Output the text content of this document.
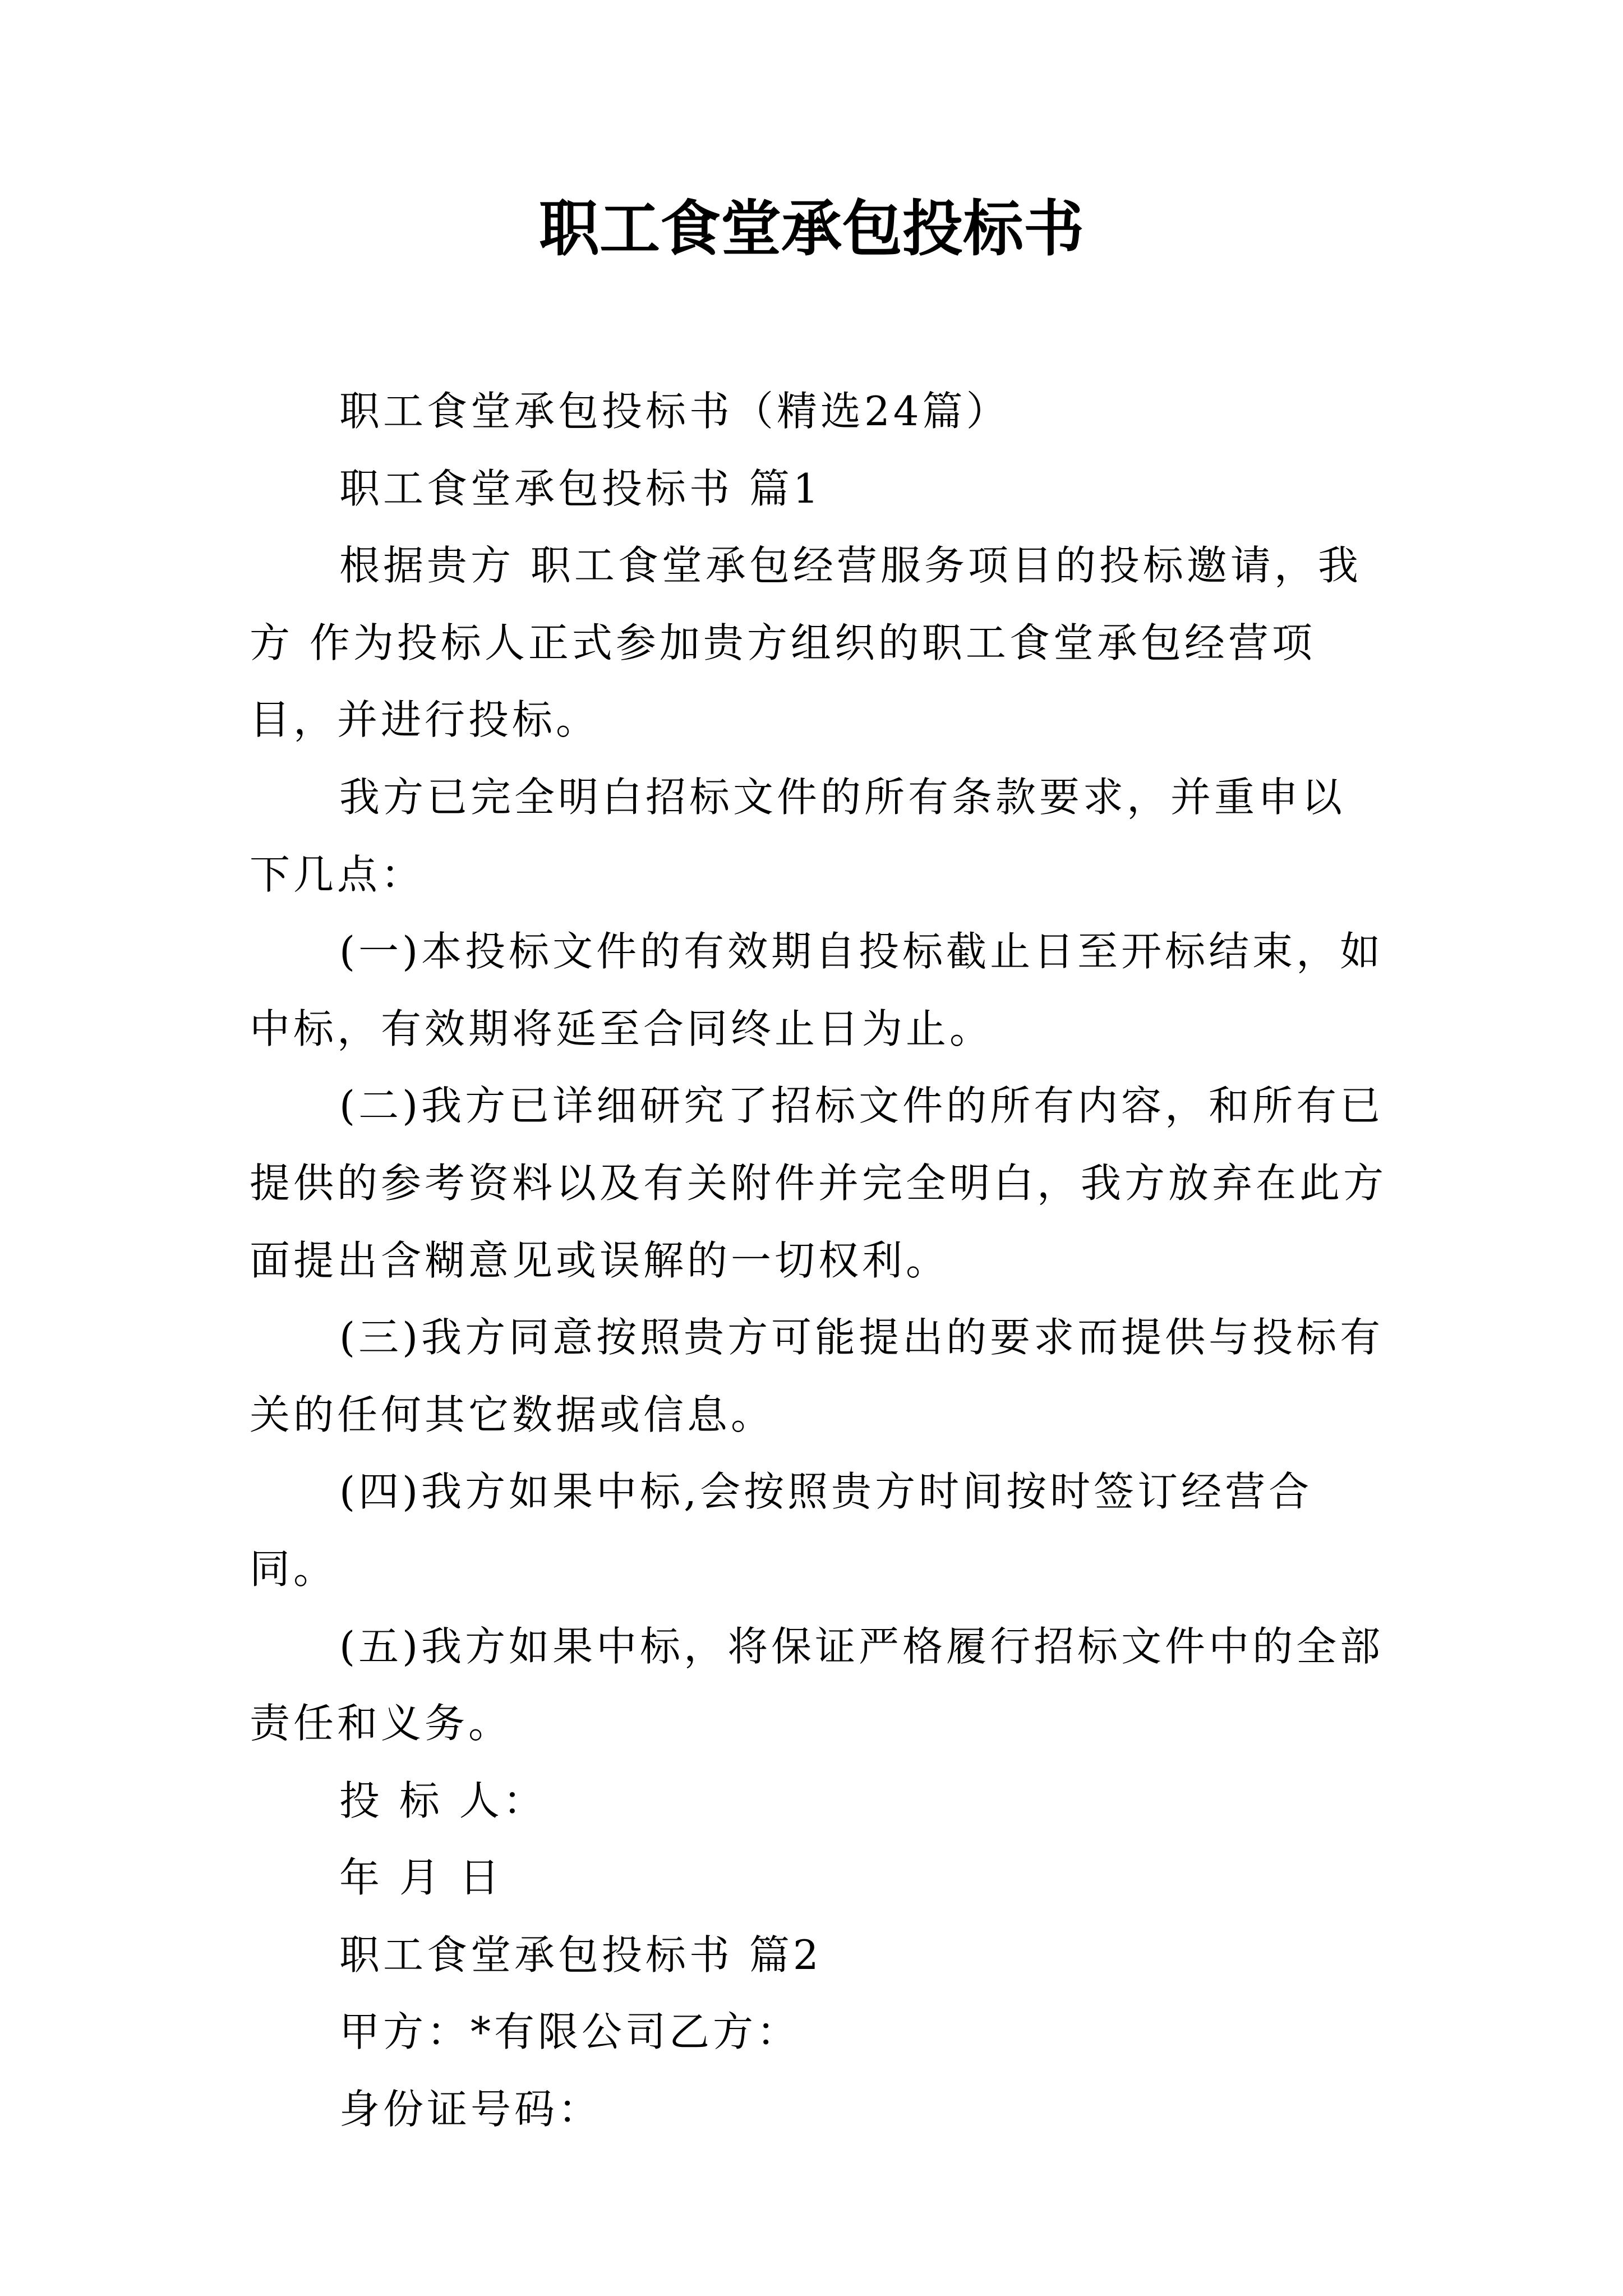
职工食堂承包投标书

职工食堂承包投标书（精选24篇）

职工食堂承包投标书 篇1

根据贵方 职工食堂承包经营服务项目的投标邀请，我方 作为投标人正式参加贵方组织的职工食堂承包经营项目，并进行投标。

我方已完全明白招标文件的所有条款要求，并重申以下几点：

(一)本投标文件的有效期自投标截止日至开标结束，如中标，有效期将延至合同终止日为止。

(二)我方已详细研究了招标文件的所有内容，和所有已提供的参考资料以及有关附件并完全明白，我方放弃在此方面提出含糊意见或误解的一切权利。

(三)我方同意按照贵方可能提出的要求而提供与投标有关的任何其它数据或信息。

(四)我方如果中标,会按照贵方时间按时签订经营合同。

(五)我方如果中标，将保证严格履行招标文件中的全部责任和义务。

投 标 人：

年 月 日

职工食堂承包投标书 篇2

甲方：*有限公司乙方：

身份证号码：
